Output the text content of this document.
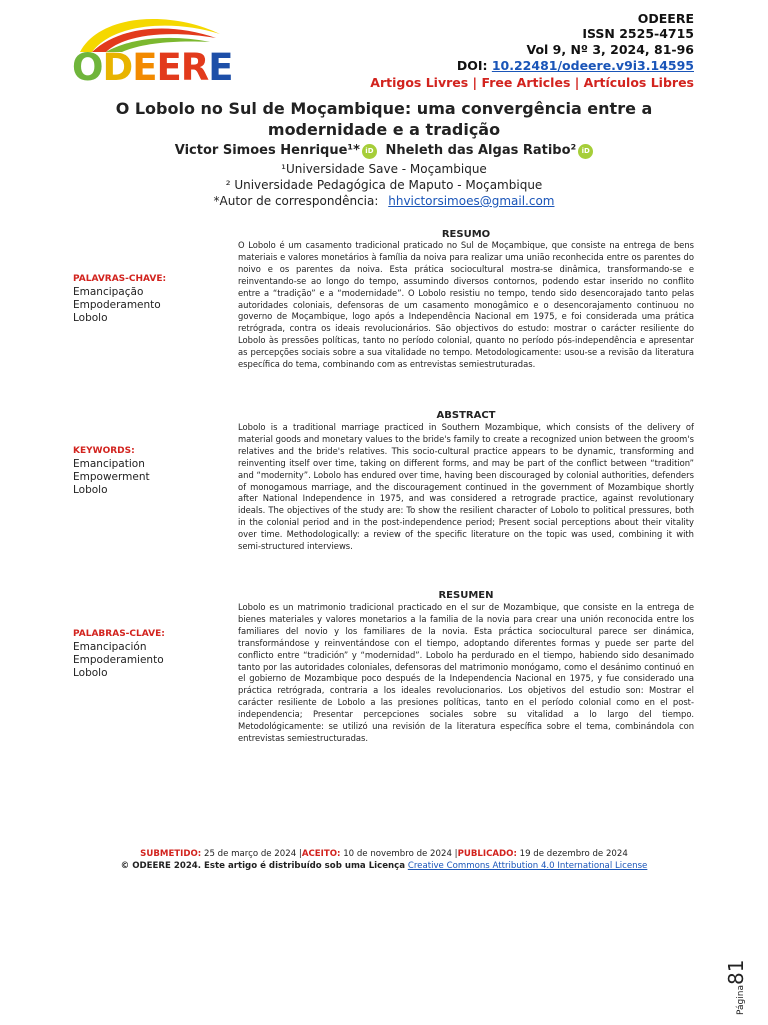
ODEERE
ODEERE
ISSN 2525-4715
Vol 9, Nº 3, 2024, 81-96
DOI: 10.22481/odeere.v9i3.14595
Artigos Livres | Free Articles | Artículos Libres
O Lobolo no Sul de Moçambique: uma convergência entre a
modernidade e a tradição
Victor Simoes Henrique¹* iD Nheleth das Algas Ratibo² iD
¹Universidade Save - Moçambique
² Universidade Pedagógica de Maputo - Moçambique
*Autor de correspondência: hhvictorsimoes@gmail.com
RESUMO
O Lobolo é um casamento tradicional praticado no Sul de Moçambique, que consiste na entrega de bens materiais e valores monetários à família da noiva para realizar uma união reconhecida entre os parentes do noivo e os parentes da noiva. Esta prática sociocultural mostra-se dinâmica, transformando-se e reinventando-se ao longo do tempo, assumindo diversos contornos, podendo estar inserido no conflito entre a “tradição” e a “modernidade”. O Lobolo resistiu no tempo, tendo sido desencorajado tanto pelas autoridades coloniais, defensoras de um casamento monogâmico e o desencorajamento continuou no governo de Moçambique, logo após a Independência Nacional em 1975, e foi considerada uma prática retrógrada, contra os ideais revolucionários. São objectivos do estudo: mostrar o carácter resiliente do Lobolo às pressões políticas, tanto no período colonial, quanto no período pós-independência e apresentar as percepções sociais sobre a sua vitalidade no tempo. Metodologicamente: usou-se a revisão da literatura específica do tema, combinando com as entrevistas semiestruturadas.
PALAVRAS-CHAVE:
Emancipação
Empoderamento
Lobolo
ABSTRACT
Lobolo is a traditional marriage practiced in Southern Mozambique, which consists of the delivery of material goods and monetary values to the bride's family to create a recognized union between the groom's relatives and the bride's relatives. This socio-cultural practice appears to be dynamic, transforming and reinventing itself over time, taking on different forms, and may be part of the conflict between “tradition” and “modernity”. Lobolo has endured over time, having been discouraged by colonial authorities, defenders of monogamous marriage, and the discouragement continued in the government of Mozambique shortly after National Independence in 1975, and was considered a retrograde practice, against revolutionary ideals. The objectives of the study are: To show the resilient character of Lobolo to political pressures, both in the colonial period and in the post-independence period; Present social perceptions about their vitality over time. Methodologically: a review of the specific literature on the topic was used, combining it with semi-structured interviews.
KEYWORDS:
Emancipation
Empowerment
Lobolo
RESUMEN
Lobolo es un matrimonio tradicional practicado en el sur de Mozambique, que consiste en la entrega de bienes materiales y valores monetarios a la familia de la novia para crear una unión reconocida entre los familiares del novio y los familiares de la novia. Esta práctica sociocultural parece ser dinámica, transformándose y reinventándose con el tiempo, adoptando diferentes formas y puede ser parte del conflicto entre “tradición” y “modernidad”. Lobolo ha perdurado en el tiempo, habiendo sido desanimado tanto por las autoridades coloniales, defensoras del matrimonio monógamo, como el desánimo continuó en el gobierno de Mozambique poco después de la Independencia Nacional en 1975, y fue considerado una práctica retrógrada, contraria a los ideales revolucionarios. Los objetivos del estudio son: Mostrar el carácter resiliente de Lobolo a las presiones políticas, tanto en el período colonial como en el post-independencia; Presentar percepciones sociales sobre su vitalidad a lo largo del tiempo. Metodológicamente: se utilizó una revisión de la literatura específica sobre el tema, combinándola con entrevistas semiestructuradas.
PALABRAS-CLAVE:
Emancipación
Empoderamiento
Lobolo
SUBMETIDO: 25 de março de 2024 |ACEITO: 10 de novembro de 2024 |PUBLICADO: 19 de dezembro de 2024
© ODEERE 2024. Este artigo é distribuído sob uma Licença Creative Commons Attribution 4.0 International License
Página81
